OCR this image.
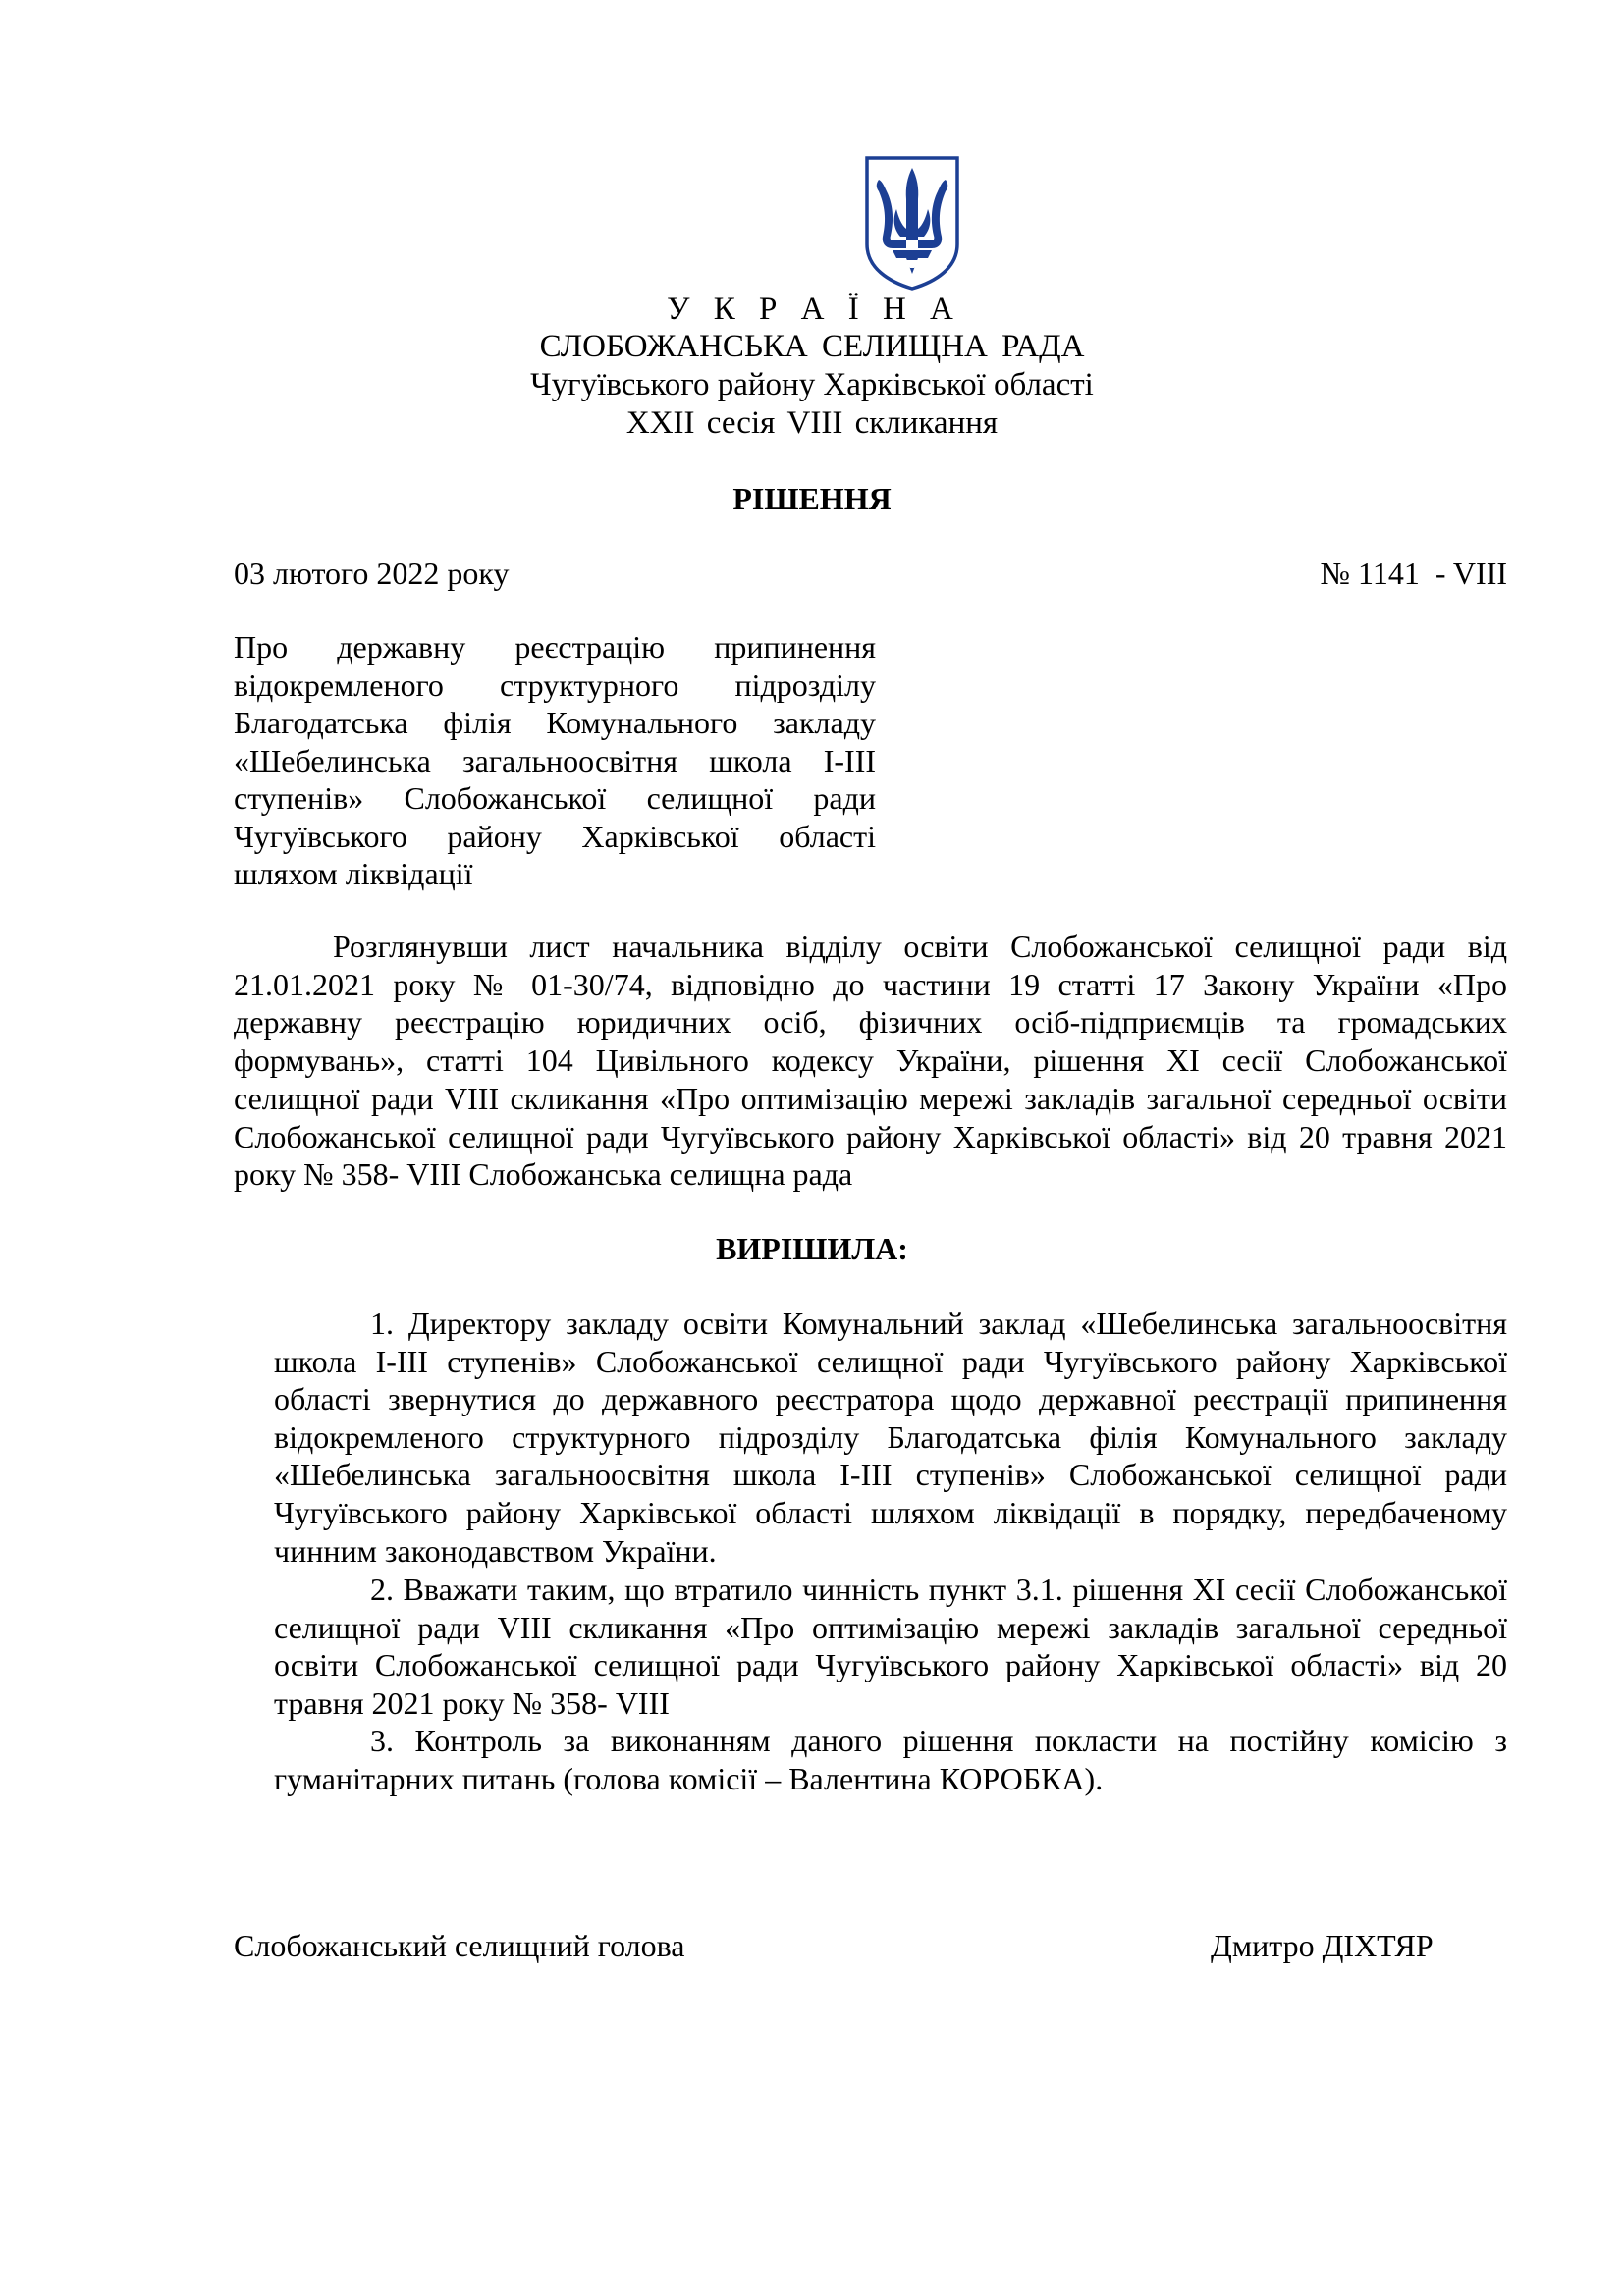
У К Р А Ї Н А
СЛОБОЖАНСЬКА СЕЛИЩНА РАДА
Чугуївського району Харківської області
XXII сесія VIII скликання
РІШЕННЯ
03 лютого 2022 року	№ 1141  - VIII
Про державну реєстрацію припинення відокремленого структурного підрозділу Благодатська філія Комунального закладу «Шебелинська загальноосвітня школа І-ІІІ ступенів» Слобожанської селищної ради Чугуївського району Харківської області шляхом ліквідації
Розглянувши лист начальника відділу освіти Слобожанської селищної ради від 21.01.2021 року № 01-30/74, відповідно до частини 19 статті 17 Закону України «Про державну реєстрацію юридичних осіб, фізичних осіб-підприємців та громадських формувань», статті 104 Цивільного кодексу України, рішення ХІ сесії Слобожанської селищної ради VIII скликання «Про оптимізацію мережі закладів загальної середньої освіти Слобожанської селищної ради Чугуївського району Харківської області» від 20 травня 2021 року № 358- VIII Слобожанська селищна рада
ВИРІШИЛА:
1. Директору закладу освіти Комунальний заклад «Шебелинська загальноосвітня школа І-ІІІ ступенів» Слобожанської селищної ради Чугуївського району Харківської області звернутися до державного реєстратора щодо державної реєстрації припинення відокремленого структурного підрозділу Благодатська філія Комунального закладу «Шебелинська загальноосвітня школа І-ІІІ ступенів» Слобожанської селищної ради Чугуївського району Харківської області шляхом ліквідації в порядку, передбаченому чинним законодавством України.
2. Вважати таким, що втратило чинність пункт 3.1. рішення ХІ сесії Слобожанської селищної ради VIII скликання «Про оптимізацію мережі закладів загальної середньої освіти Слобожанської селищної ради Чугуївського району Харківської області» від 20 травня 2021 року № 358- VIII
3. Контроль за виконанням даного рішення покласти на постійну комісію з гуманітарних питань (голова комісії – Валентина КОРОБКА).
Слобожанський селищний голова	Дмитро ДІХТЯР
